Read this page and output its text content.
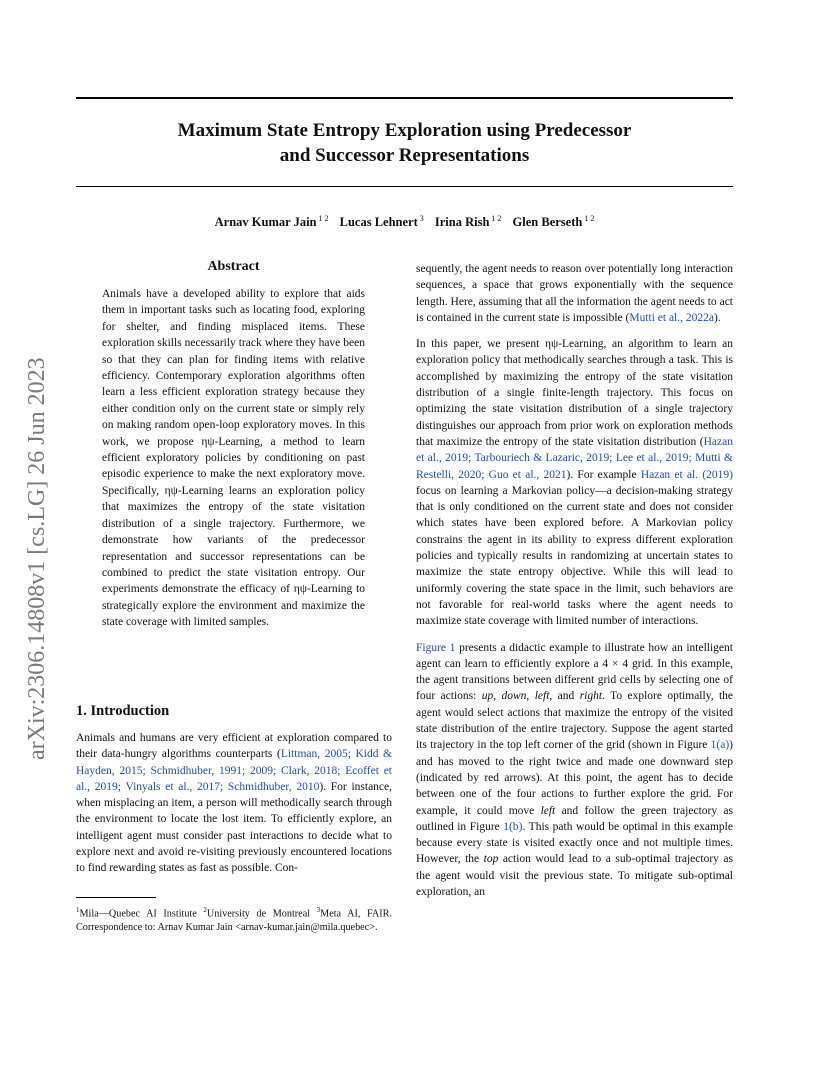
Maximum State Entropy Exploration using Predecessor
and Successor Representations
Arnav Kumar Jain $^{1 2}$ Lucas Lehnert $^3$ Irina Rish $^{1 2}$ Glen Berseth $^{1 2}$
arXiv:2306.14808v1 [cs.LG] 26 Jun 2023
Abstract
Animals have a developed ability to explore that aids them in important tasks such as locating food, exploring for shelter, and finding misplaced items. These exploration skills necessarily track where they have been so that they can plan for finding items with relative efficiency. Contemporary exploration algorithms often learn a less efficient exploration strategy because they either condition only on the current state or simply rely on making random open-loop exploratory moves. In this work, we propose ηψ-Learning, a method to learn efficient exploratory policies by conditioning on past episodic experience to make the next exploratory move. Specifically, ηψ-Learning learns an exploration policy that maximizes the entropy of the state visitation distribution of a single trajectory. Furthermore, we demonstrate how variants of the predecessor representation and successor representations can be combined to predict the state visitation entropy. Our experiments demonstrate the efficacy of ηψ-Learning to strategically explore the environment and maximize the state coverage with limited samples.
1. Introduction
Animals and humans are very efficient at exploration compared to their data-hungry algorithms counterparts (Littman, 2005; Kidd & Hayden, 2015; Schmidhuber, 1991; 2009; Clark, 2018; Ecoffet et al., 2019; Vinyals et al., 2017; Schmidhuber, 2010). For instance, when misplacing an item, a person will methodically search through the environment to locate the lost item. To efficiently explore, an intelligent agent must consider past interactions to decide what to explore next and avoid re-visiting previously encountered locations to find rewarding states as fast as possible. Con-
$^1$Mila—Quebec AI Institute $^2$University de Montreal $^3$Meta AI, FAIR. Correspondence to: Arnav Kumar Jain <arnav-kumar.jain@mila.quebec>.

sequently, the agent needs to reason over potentially long interaction sequences, a space that grows exponentially with the sequence length. Here, assuming that all the information the agent needs to act is contained in the current state is impossible (Mutti et al., 2022a).

In this paper, we present ηψ-Learning, an algorithm to learn an exploration policy that methodically searches through a task. This is accomplished by maximizing the entropy of the state visitation distribution of a single finite-length trajectory. This focus on optimizing the state visitation distribution of a single trajectory distinguishes our approach from prior work on exploration methods that maximize the entropy of the state visitation distribution (Hazan et al., 2019; Tarbouriech & Lazaric, 2019; Lee et al., 2019; Mutti & Restelli, 2020; Guo et al., 2021). For example Hazan et al. (2019) focus on learning a Markovian policy—a decision-making strategy that is only conditioned on the current state and does not consider which states have been explored before. A Markovian policy constrains the agent in its ability to express different exploration policies and typically results in randomizing at uncertain states to maximize the state entropy objective. While this will lead to uniformly covering the state space in the limit, such behaviors are not favorable for real-world tasks where the agent needs to maximize state coverage with limited number of interactions.

Figure 1 presents a didactic example to illustrate how an intelligent agent can learn to efficiently explore a 4 × 4 grid. In this example, the agent transitions between different grid cells by selecting one of four actions: up, down, left, and right. To explore optimally, the agent would select actions that maximize the entropy of the visited state distribution of the entire trajectory. Suppose the agent started its trajectory in the top left corner of the grid (shown in Figure 1(a)) and has moved to the right twice and made one downward step (indicated by red arrows). At this point, the agent has to decide between one of the four actions to further explore the grid. For example, it could move left and follow the green trajectory as outlined in Figure 1(b). This path would be optimal in this example because every state is visited exactly once and not multiple times. However, the top action would lead to a sub-optimal trajectory as the agent would visit the previous state. To mitigate sub-optimal exploration, an
